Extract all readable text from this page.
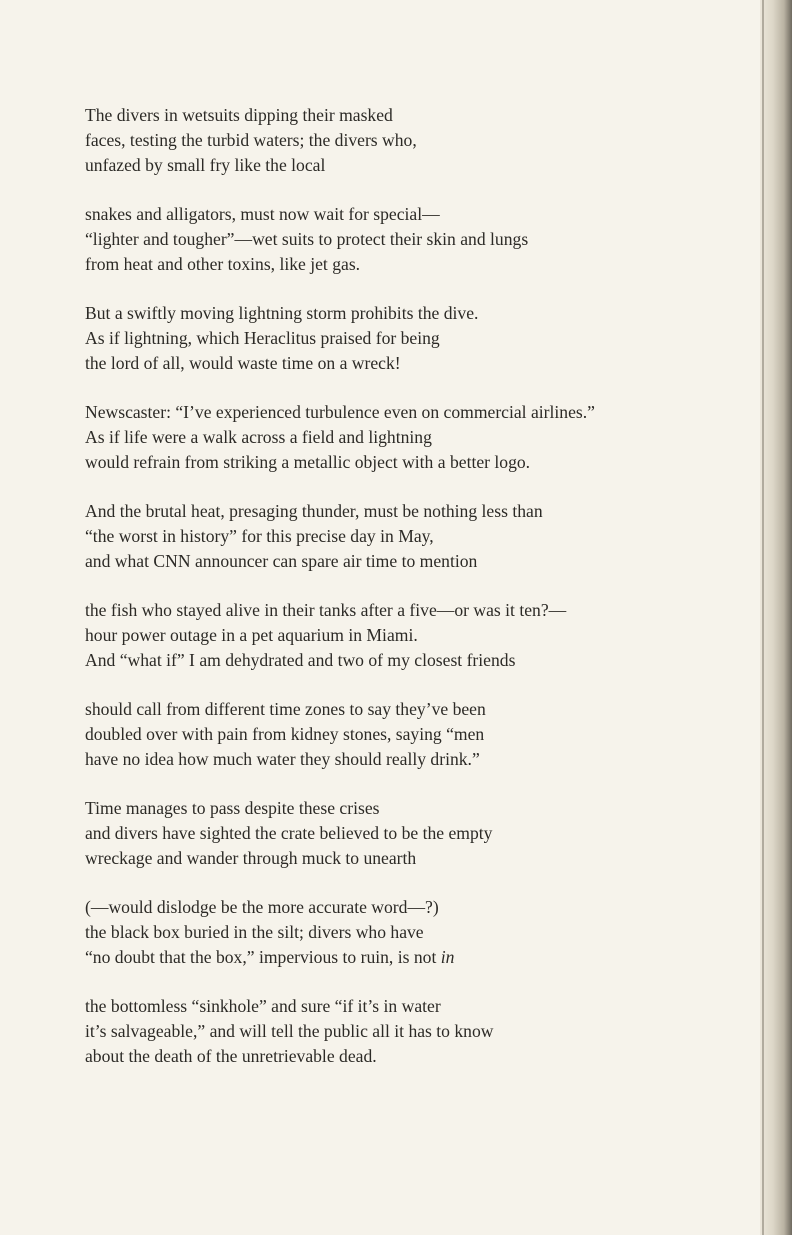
The divers in wetsuits dipping their masked
faces, testing the turbid waters; the divers who,
unfazed by small fry like the local
snakes and alligators, must now wait for special—
“lighter and tougher”—wet suits to protect their skin and lungs
from heat and other toxins, like jet gas.
But a swiftly moving lightning storm prohibits the dive.
As if lightning, which Heraclitus praised for being
the lord of all, would waste time on a wreck!
Newscaster: “I’ve experienced turbulence even on commercial airlines.”
As if life were a walk across a field and lightning
would refrain from striking a metallic object with a better logo.
And the brutal heat, presaging thunder, must be nothing less than
“the worst in history” for this precise day in May,
and what CNN announcer can spare air time to mention
the fish who stayed alive in their tanks after a five—or was it ten?—
hour power outage in a pet aquarium in Miami.
And “what if” I am dehydrated and two of my closest friends
should call from different time zones to say they’ve been
doubled over with pain from kidney stones, saying “men
have no idea how much water they should really drink.”
Time manages to pass despite these crises
and divers have sighted the crate believed to be the empty
wreckage and wander through muck to unearth
(—would dislodge be the more accurate word—?)
the black box buried in the silt; divers who have
“no doubt that the box,” impervious to ruin, is not in
the bottomless “sinkhole” and sure “if it’s in water
it’s salvageable,” and will tell the public all it has to know
about the death of the unretrievable dead.
